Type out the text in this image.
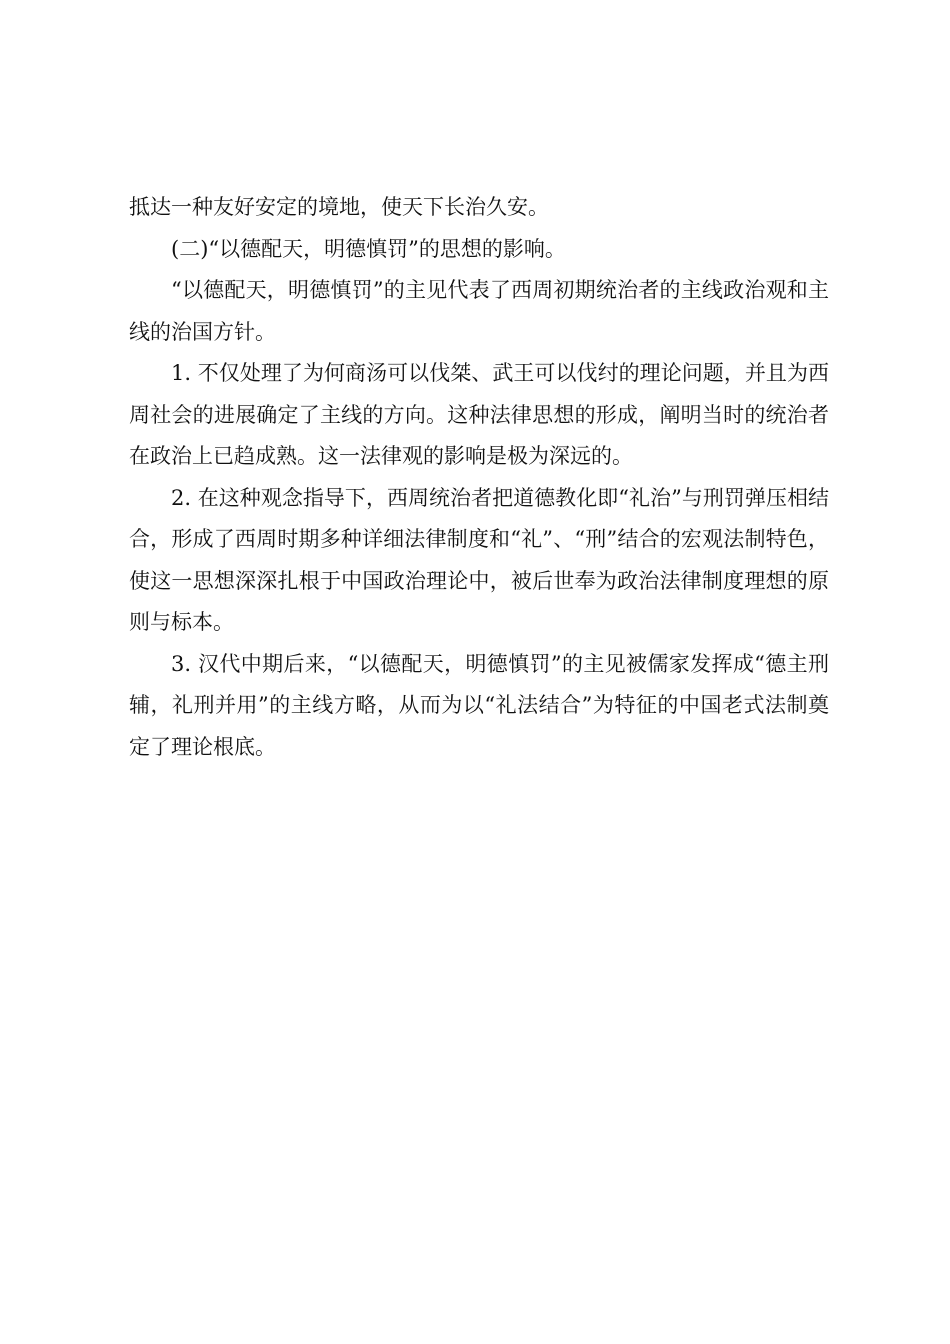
抵达一种友好安定的境地，使天下长治久安。

(二)“以德配天，明德慎罚”的思想的影响。

“以德配天，明德慎罚”的主见代表了西周初期统治者的主线政治观和主线的治国方针。

1. 不仅处理了为何商汤可以伐桀、武王可以伐纣的理论问题，并且为西周社会的进展确定了主线的方向。这种法律思想的形成，阐明当时的统治者在政治上已趋成熟。这一法律观的影响是极为深远的。

2. 在这种观念指导下，西周统治者把道德教化即“礼治”与刑罚弹压相结合，形成了西周时期多种详细法律制度和“礼”、“刑”结合的宏观法制特色，使这一思想深深扎根于中国政治理论中，被后世奉为政治法律制度理想的原则与标本。

3. 汉代中期后来，“以德配天，明德慎罚”的主见被儒家发挥成“德主刑辅，礼刑并用”的主线方略，从而为以“礼法结合”为特征的中国老式法制奠定了理论根底。
